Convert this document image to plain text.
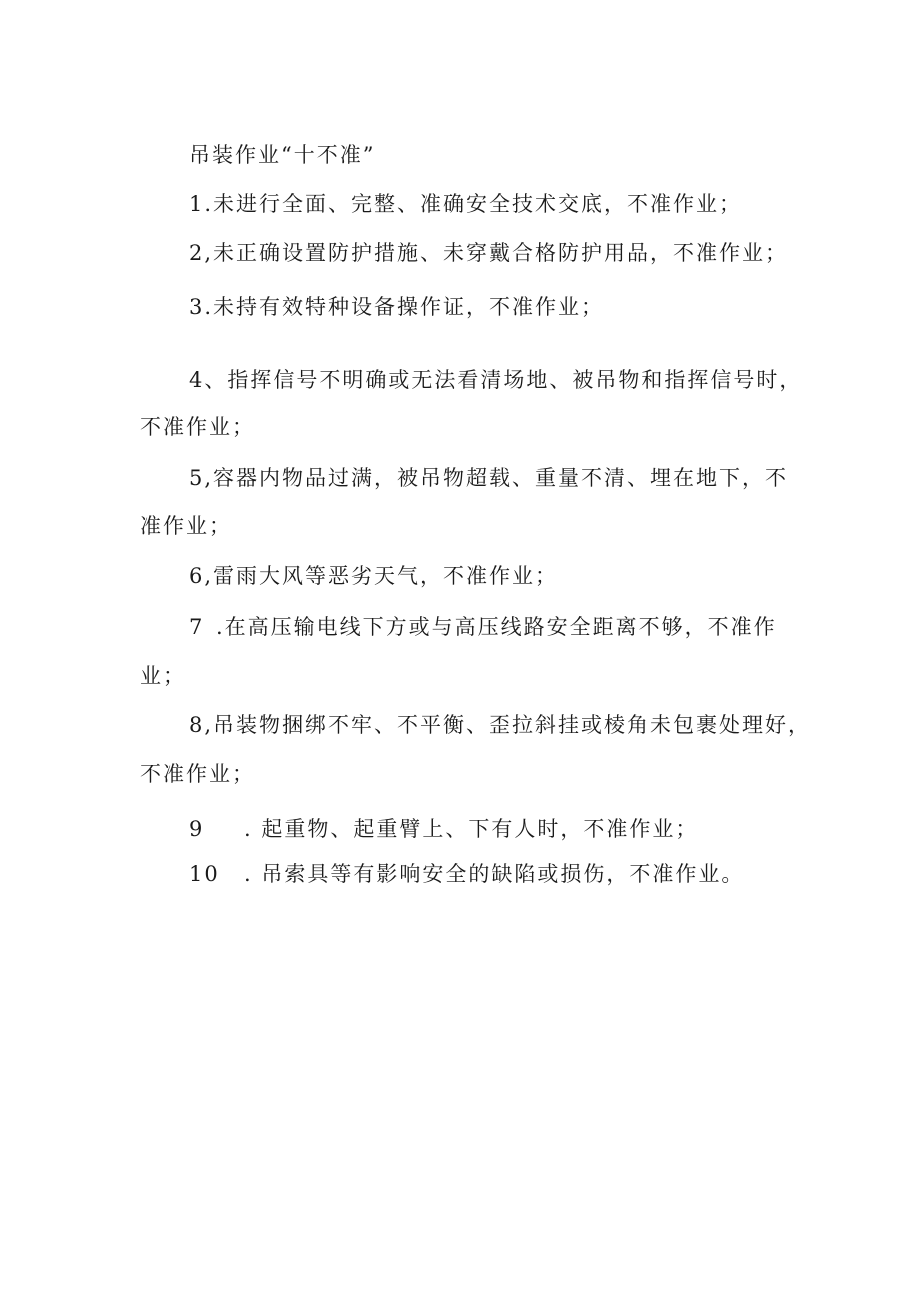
吊装作业“十不准”
1.未进行全面、完整、准确安全技术交底，不准作业；
2,未正确设置防护措施、未穿戴合格防护用品，不准作业；
3.未持有效特种设备操作证，不准作业；
4、指挥信号不明确或无法看清场地、被吊物和指挥信号时，
不准作业；
5,容器内物品过满，被吊物超载、重量不清、埋在地下，不
准作业；
6,雷雨大风等恶劣天气，不准作业；
7 .在高压输电线下方或与高压线路安全距离不够，不准作
业；
8,吊装物捆绑不牢、不平衡、歪拉斜挂或棱角未包裹处理好，
不准作业；
9 . 起重物、起重臂上、下有人时，不准作业；
10 . 吊索具等有影响安全的缺陷或损伤，不准作业。
